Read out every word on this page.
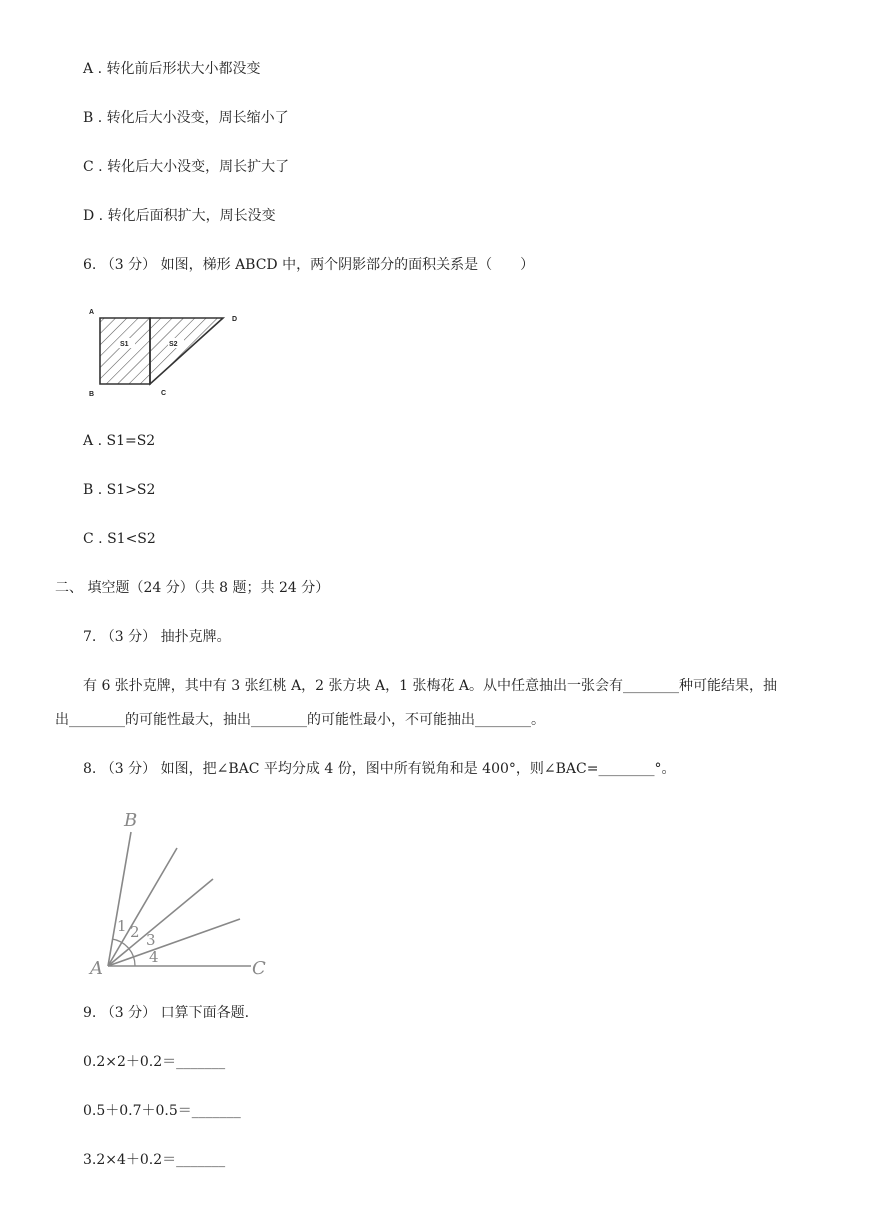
A . 转化前后形状大小都没变
B . 转化后大小没变，周长缩小了
C . 转化后大小没变，周长扩大了
D . 转化后面积扩大，周长没变
6. （3 分） 如图，梯形 ABCD 中，两个阴影部分的面积关系是（　　）
A
D
B	C
S1	S2
A . S1=S2
B . S1>S2
C . S1<S2
二、 填空题（24 分）（共 8 题；共 24 分）
7. （3 分） 抽扑克牌。
有 6 张扑克牌，其中有 3 张红桃 A，2 张方块 A，1 张梅花 A。从中任意抽出一张会有________种可能结果，抽
出________的可能性最大，抽出________的可能性最小，不可能抽出________。
8. （3 分） 如图，把∠BAC 平均分成 4 份，图中所有锐角和是 400°，则∠BAC=________°。
B
A	C
1 2 3
4
9. （3 分） 口算下面各题.
0.2×2＋0.2＝_______
0.5＋0.7＋0.5＝_______
3.2×4＋0.2＝_______
